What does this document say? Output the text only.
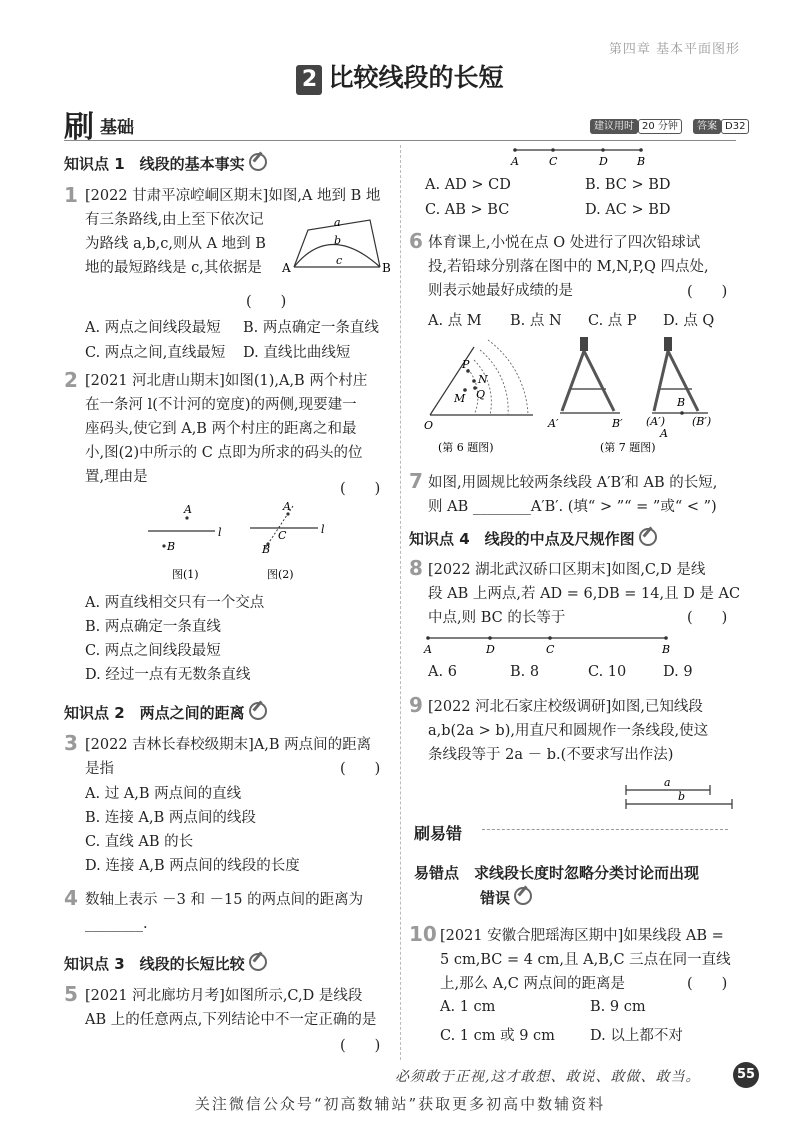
第四章 基本平面图形
2 比较线段的长短
刷 基础	建议用时 20 分钟 答案 D32
知识点 1　线段的基本事实
1 [2022 甘肃平凉崆峒区期末]如图,A 地到 B 地
有三条路线,由上至下依次记
为路线 a,b,c,则从 A 地到 B
地的最短路线是 c,其依据是
(　　)
a
b
c
A	B
A. 两点之间线段最短 B. 两点确定一条直线
C. 两点之间,直线最短 D. 直线比曲线短
2 [2021 河北唐山期末]如图(1),A,B 两个村庄
在一条河 l(不计河的宽度)的两侧,现要建一
座码头,使它到 A,B 两个村庄的距离之和最
小,图(2)中所示的 C 点即为所求的码头的位
置,理由是
(　　)
A
B
l
A
B
C	l
图(1)	图(2)
A. 两直线相交只有一个交点
B. 两点确定一条直线
C. 两点之间线段最短
D. 经过一点有无数条直线
知识点 2　两点之间的距离
3 [2022 吉林长春校级期末]A,B 两点间的距离
是指	(　　)
A. 过 A,B 两点间的直线
B. 连接 A,B 两点间的线段
C. 直线 AB 的长
D. 连接 A,B 两点间的线段的长度
4 数轴上表示 －3 和 －15 的两点间的距离为
________.
知识点 3　线段的长短比较
5 [2021 河北廊坊月考]如图所示,C,D 是线段
AB 上的任意两点,下列结论中不一定正确的是
(　　)
A	C	D	B
A. AD > CD	B. BC > BD
C. AB > BC	D. AC > BD
6 体育课上,小悦在点 O 处进行了四次铅球试
投,若铅球分别落在图中的 M,N,P,Q 四点处,
则表示她最好成绩的是	(　　)
A. 点 M B. 点 N C. 点 P D. 点 Q
P
N
M Q
O
(第 6 题图)
A′	B′
B
(A′)
A
(B′)
(第 7 题图)
7 如图,用圆规比较两条线段 A′B′和 AB 的长短,
则 AB ________A′B′. (填“ > ”“ = ”或“ < ”)
知识点 4　线段的中点及尺规作图
8 [2022 湖北武汉硚口区期末]如图,C,D 是线
段 AB 上两点,若 AD = 6,DB = 14,且 D 是 AC
中点,则 BC 的长等于	(　　)
A	D	C	B
A. 6	B. 8	C. 10	D. 9
9 [2022 河北石家庄校级调研]如图,已知线段
a,b(2a > b),用直尺和圆规作一条线段,使这
条线段等于 2a － b.(不要求写出作法)
a
b
刷易错
易错点　求线段长度时忽略分类讨论而出现
错误
10 [2021 安徽合肥瑶海区期中]如果线段 AB =
5 cm,BC = 4 cm,且 A,B,C 三点在同一直线
上,那么 A,C 两点间的距离是	(　　)
A. 1 cm	B. 9 cm
C. 1 cm 或 9 cm D. 以上都不对
必须敢于正视,这才敢想、敢说、敢做、敢当。	55
关注微信公众号“初高数辅站”获取更多初高中数辅资料
